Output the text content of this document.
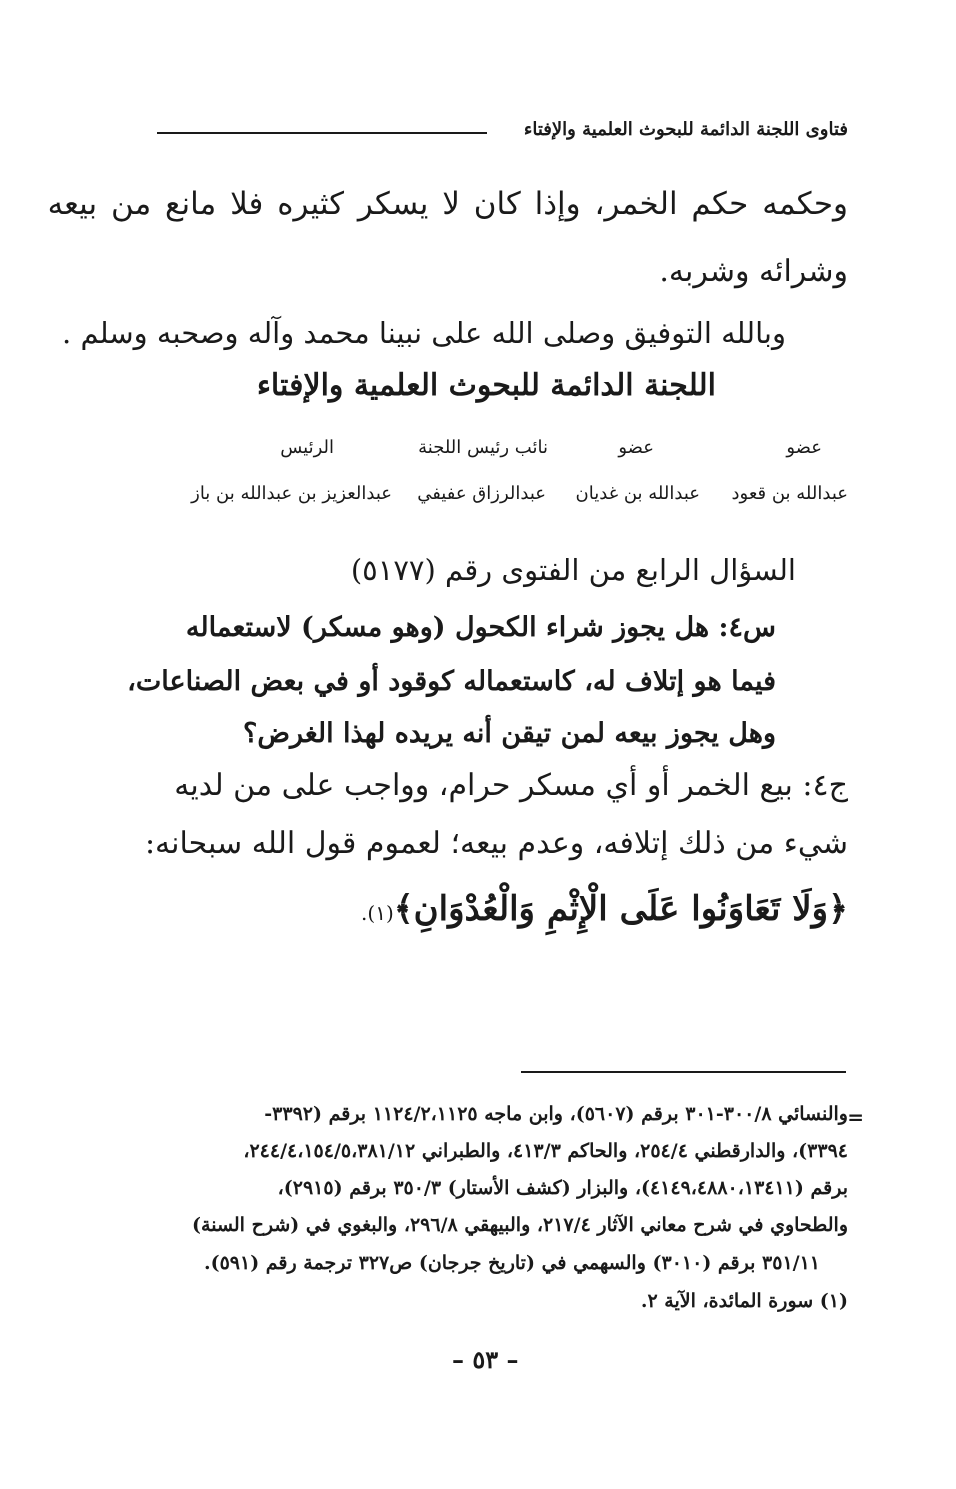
فتاوى اللجنة الدائمة للبحوث العلمية والإفتاء
وحكمه حكم الخمر، وإذا كان لا يسكر كثيره فلا مانع من بيعه
وشرائه وشربه.
وبالله التوفيق وصلى الله على نبينا محمد وآله وصحبه وسلم .
اللجنة الدائمة للبحوث العلمية والإفتاء
عضو
عضو
نائب رئيس اللجنة
الرئيس
عبدالله بن قعود
عبدالله بن غديان
عبدالرزاق عفيفي
عبدالعزيز بن عبدالله بن باز
السؤال الرابع من الفتوى رقم (٥١٧٧)
س٤: هل يجوز شراء الكحول (وهو مسكر) لاستعماله
فيما هو إتلاف له، كاستعماله كوقود أو في بعض الصناعات،
وهل يجوز بيعه لمن تيقن أنه يريده لهذا الغرض؟
ج٤: بيع الخمر أو أي مسكر حرام، وواجب على من لديه
شيء من ذلك إتلافه، وعدم بيعه؛ لعموم قول الله سبحانه:
﴿وَلَا تَعَاوَنُوا عَلَى الْإِثْمِ وَالْعُدْوَانِ﴾(١).
=
والنسائي ٣٠٠/٨-٣٠١ برقم (٥٦٠٧)، وابن ماجه ١١٢٤/٢،١١٢٥ برقم (٣٣٩٢-
٣٣٩٤)، والدارقطني ٢٥٤/٤، والحاكم ٤١٣/٣، والطبراني ٢٤٤/٤،١٥٤/٥،٣٨١/١٢،
برقم (٤١٤٩،٤٨٨٠،١٣٤١١)، والبزار (كشف الأستار) ٣٥٠/٣ برقم (٢٩١٥)،
والطحاوي في شرح معاني الآثار ٢١٧/٤، والبيهقي ٢٩٦/٨، والبغوي في (شرح السنة)
٣٥١/١١ برقم (٣٠١٠) والسهمي في (تاريخ جرجان) ص٣٢٧ ترجمة رقم (٥٩١).
(١) سورة المائدة، الآية ٢.
– ٥٣ –
